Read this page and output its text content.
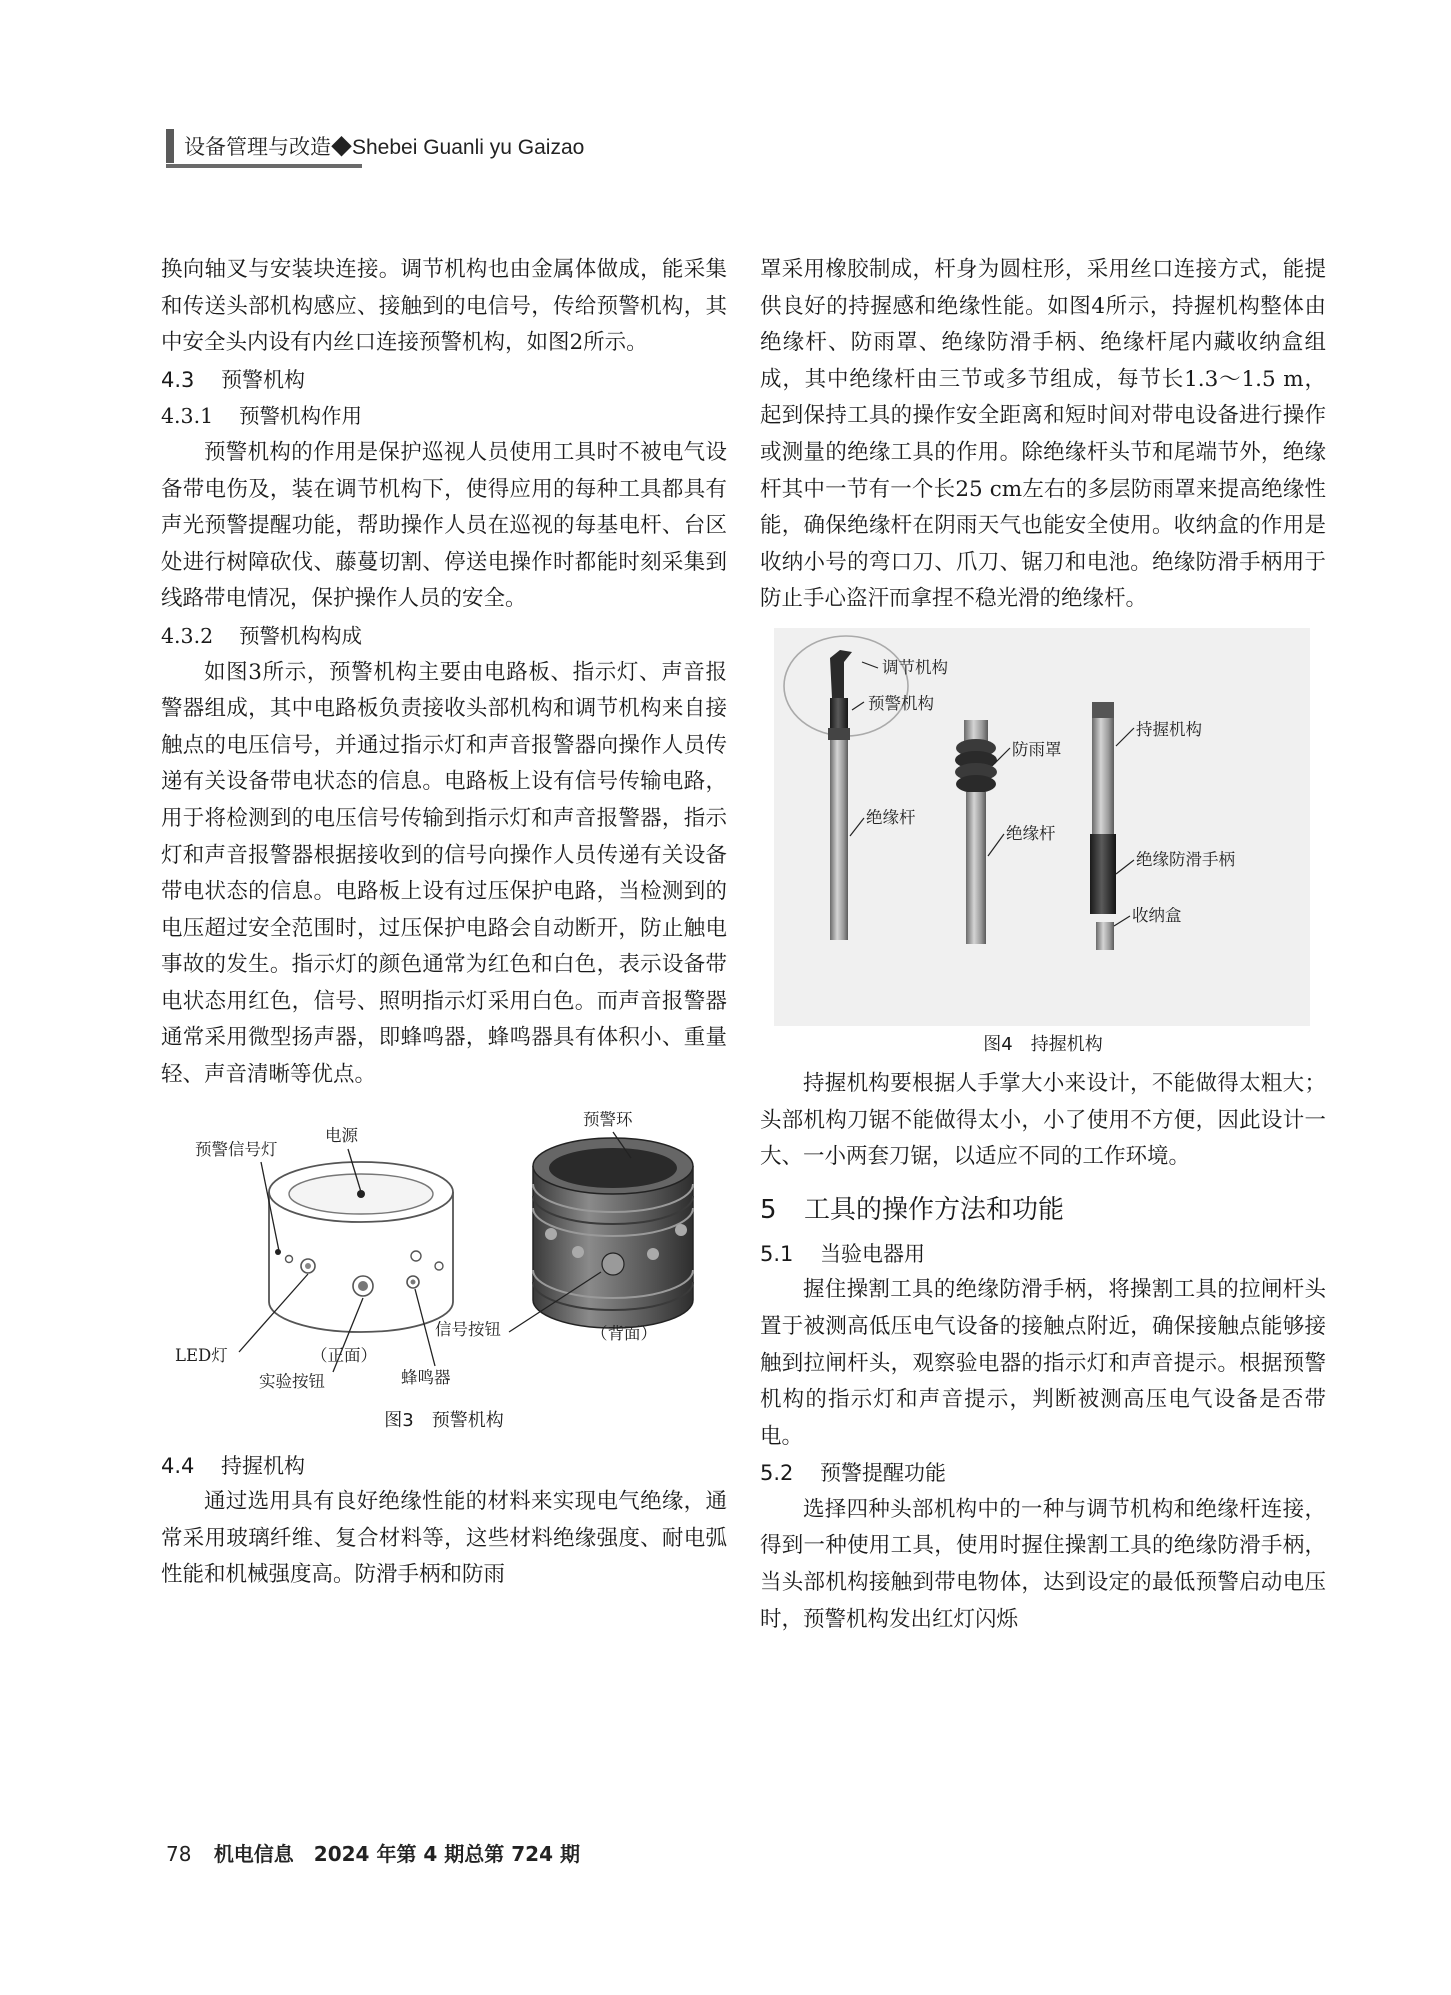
设备管理与改造◆Shebei Guanli yu Gaizao

换向轴叉与安装块连接。调节机构也由金属体做成，能采集和传送头部机构感应、接触到的电信号，传给预警机构，其中安全头内设有内丝口连接预警机构，如图2所示。

4.3 预警机构
4.3.1 预警机构作用

预警机构的作用是保护巡视人员使用工具时不被电气设备带电伤及，装在调节机构下，使得应用的每种工具都具有声光预警提醒功能，帮助操作人员在巡视的每基电杆、台区处进行树障砍伐、藤蔓切割、停送电操作时都能时刻采集到线路带电情况，保护操作人员的安全。

4.3.2 预警机构构成

如图3所示，预警机构主要由电路板、指示灯、声音报警器组成，其中电路板负责接收头部机构和调节机构来自接触点的电压信号，并通过指示灯和声音报警器向操作人员传递有关设备带电状态的信息。电路板上设有信号传输电路，用于将检测到的电压信号传输到指示灯和声音报警器，指示灯和声音报警器根据接收到的信号向操作人员传递有关设备带电状态的信息。电路板上设有过压保护电路，当检测到的电压超过安全范围时，过压保护电路会自动断开，防止触电事故的发生。指示灯的颜色通常为红色和白色，表示设备带电状态用红色，信号、照明指示灯采用白色。而声音报警器通常采用微型扬声器，即蜂鸣器，蜂鸣器具有体积小、重量轻、声音清晰等优点。

预警信号灯
电源
预警环
LED灯	（正面）
实验按钮	蜂鸣器
信号按钮	（背面）
图3　预警机构
4.4 持握机构

通过选用具有良好绝缘性能的材料来实现电气绝缘，通常采用玻璃纤维、复合材料等，这些材料绝缘强度、耐电弧性能和机械强度高。防滑手柄和防雨

罩采用橡胶制成，杆身为圆柱形，采用丝口连接方式，能提供良好的持握感和绝缘性能。如图4所示，持握机构整体由绝缘杆、防雨罩、绝缘防滑手柄、绝缘杆尾内藏收纳盒组成，其中绝缘杆由三节或多节组成，每节长1.3～1.5 m，起到保持工具的操作安全距离和短时间对带电设备进行操作或测量的绝缘工具的作用。除绝缘杆头节和尾端节外，绝缘杆其中一节有一个长25 cm左右的多层防雨罩来提高绝缘性能，确保绝缘杆在阴雨天气也能安全使用。收纳盒的作用是收纳小号的弯口刀、爪刀、锯刀和电池。绝缘防滑手柄用于防止手心盗汗而拿捏不稳光滑的绝缘杆。

调节机构
预警机构
防雨罩
持握机构
绝缘杆
绝缘杆
绝缘防滑手柄
收纳盒
图4　持握机构

持握机构要根据人手掌大小来设计，不能做得太粗大；头部机构刀锯不能做得太小，小了使用不方便，因此设计一大、一小两套刀锯，以适应不同的工作环境。

5 工具的操作方法和功能
5.1 当验电器用

握住操割工具的绝缘防滑手柄，将操割工具的拉闸杆头置于被测高低压电气设备的接触点附近，确保接触点能够接触到拉闸杆头，观察验电器的指示灯和声音提示。根据预警机构的指示灯和声音提示，判断被测高压电气设备是否带电。

5.2 预警提醒功能

选择四种头部机构中的一种与调节机构和绝缘杆连接，得到一种使用工具，使用时握住操割工具的绝缘防滑手柄，当头部机构接触到带电物体，达到设定的最低预警启动电压时，预警机构发出红灯闪烁

78 机电信息　2024 年第 4 期总第 724 期
